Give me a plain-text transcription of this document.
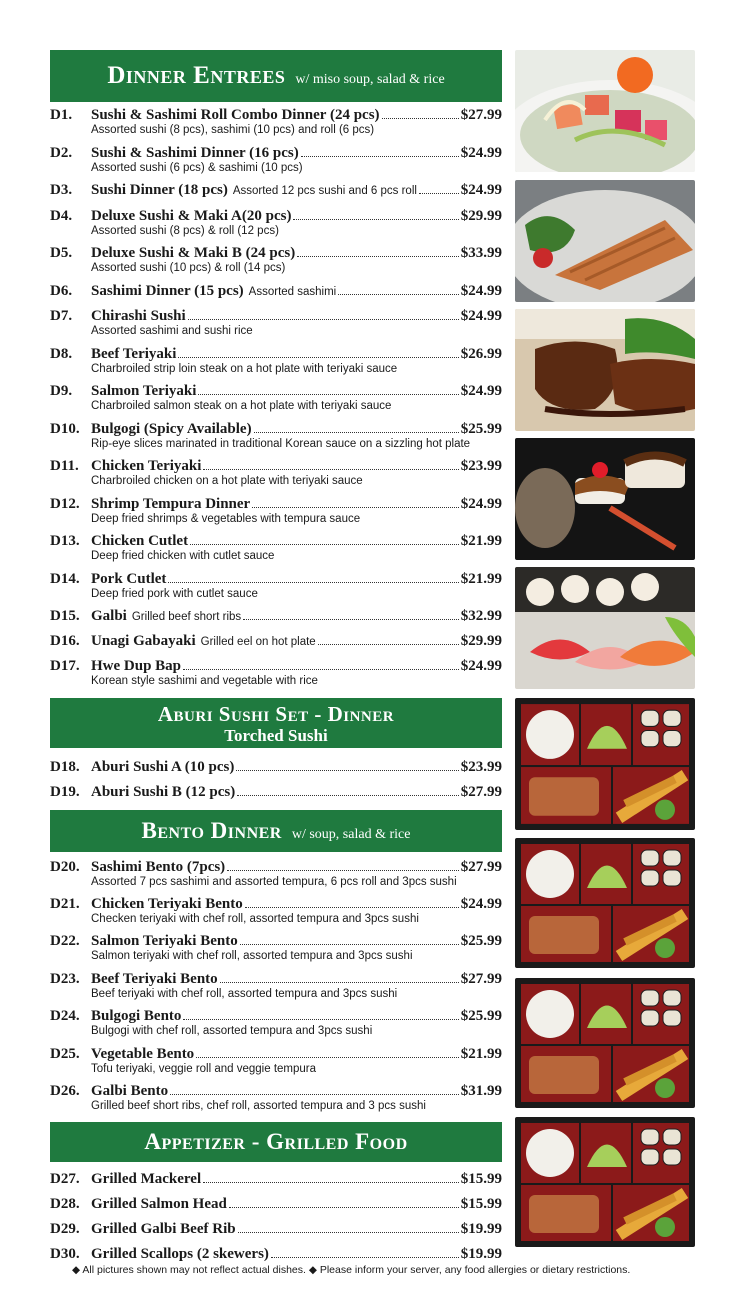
Dinner Entrees w/ miso soup, salad & rice
D1.	Sushi & Sashimi Roll Combo Dinner (24 pcs)	$27.99
Assorted sushi (8 pcs), sashimi (10 pcs) and roll (6 pcs)
D2.	Sushi & Sashimi Dinner (16 pcs)	$24.99
Assorted sushi (6 pcs) & sashimi (10 pcs)
D3.	Sushi Dinner (18 pcs) Assorted 12 pcs sushi and 6 pcs roll	$24.99
D4.	Deluxe Sushi & Maki A(20 pcs)	$29.99
Assorted sushi (8 pcs) & roll (12 pcs)
D5.	Deluxe Sushi & Maki B (24 pcs)	$33.99
Assorted sushi (10 pcs) & roll (14 pcs)
D6.	Sashimi Dinner (15 pcs) Assorted sashimi	$24.99
D7.	Chirashi Sushi	$24.99
Assorted sashimi and sushi rice
D8.	Beef Teriyaki	$26.99
Charbroiled strip loin steak on a hot plate with teriyaki sauce
D9.	Salmon Teriyaki	$24.99
Charbroiled salmon steak on a hot plate with teriyaki sauce
D10. Bulgogi (Spicy Available)	$25.99
Rip-eye slices marinated in traditional Korean sauce on a sizzling hot plate
D11. Chicken Teriyaki	$23.99
Charbroiled chicken on a hot plate with teriyaki sauce
D12. Shrimp Tempura Dinner	$24.99
Deep fried shrimps & vegetables with tempura sauce
D13. Chicken Cutlet	$21.99
Deep fried chicken with cutlet sauce
D14. Pork Cutlet	$21.99
Deep fried pork with cutlet sauce
D15. Galbi Grilled beef short ribs	$32.99
D16. Unagi Gabayaki Grilled eel on hot plate	$29.99
D17. Hwe Dup Bap	$24.99
Korean style sashimi and vegetable with rice
Aburi Sushi Set - Dinner
Torched Sushi
D18. Aburi Sushi A (10 pcs)	$23.99
D19. Aburi Sushi B (12 pcs)	$27.99
Bento Dinner w/ soup, salad & rice
D20. Sashimi Bento (7pcs)	$27.99
Assorted 7 pcs sashimi and assorted tempura, 6 pcs roll and 3pcs sushi
D21. Chicken Teriyaki Bento	$24.99
Checken teriyaki with chef roll, assorted tempura and 3pcs sushi
D22. Salmon Teriyaki Bento	$25.99
Salmon teriyaki with chef roll, assorted tempura and 3pcs sushi
D23. Beef Teriyaki Bento	$27.99
Beef teriyaki with chef roll, assorted tempura and 3pcs sushi
D24. Bulgogi Bento	$25.99
Bulgogi with chef roll, assorted tempura and 3pcs sushi
D25. Vegetable Bento	$21.99
Tofu teriyaki, veggie roll and veggie tempura
D26. Galbi Bento	$31.99
Grilled beef short ribs, chef roll, assorted tempura and 3 pcs sushi
Appetizer - Grilled Food
D27. Grilled Mackerel	$15.99
D28. Grilled Salmon Head	$15.99
D29. Grilled Galbi Beef Rib	$19.99
D30. Grilled Scallops (2 skewers)	$19.99
◆ All pictures shown may not reflect actual dishes. ◆ Please inform your server, any food allergies or dietary restrictions.
